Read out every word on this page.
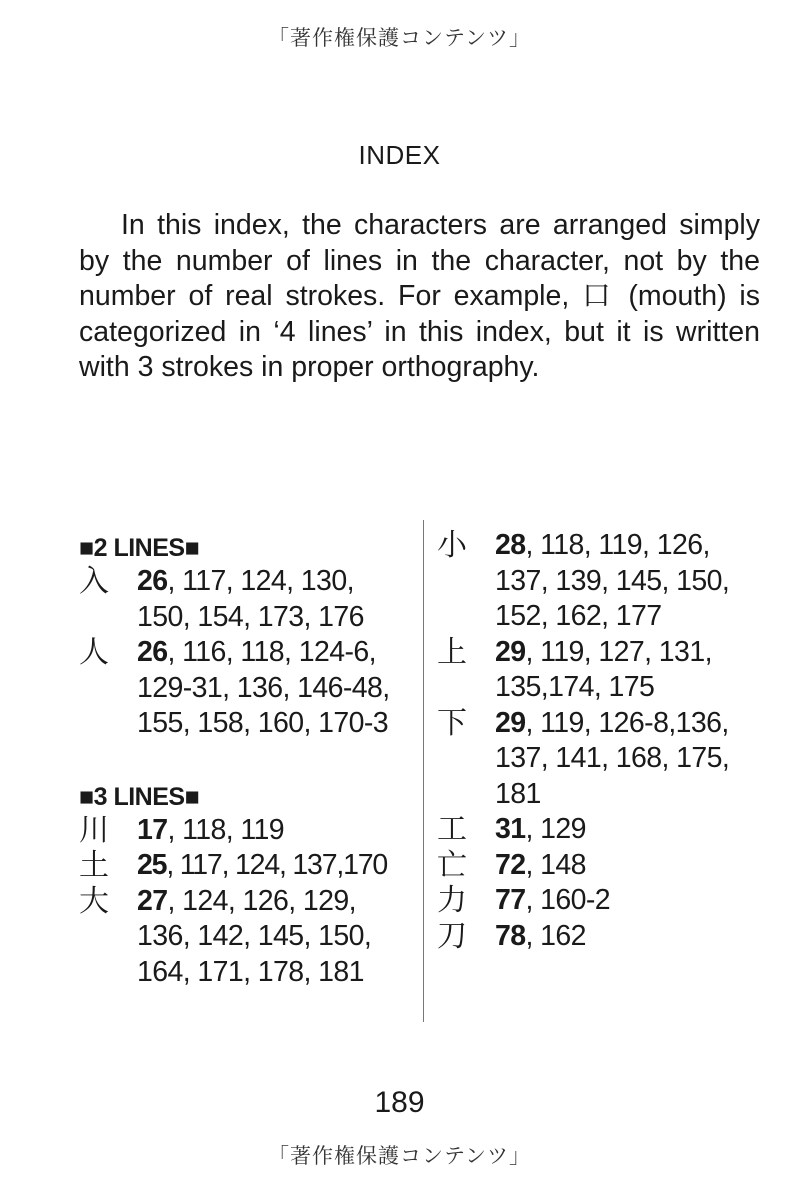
「著作権保護コンテンツ」
INDEX

In this index, the characters are arranged simply by the number of lines in the character, not by the number of real strokes. For example, 口 (mouth) is categorized in ‘4 lines’ in this index, but it is written with 3 strokes in proper orthography.

■2 LINES■
入 26, 117, 124, 130, 150, 154, 173, 176
人 26, 116, 118, 124-6, 129-31, 136, 146-48, 155, 158, 160, 170-3
■3 LINES■
川 17, 118, 119
土 25, 117, 124, 137,170
大 27, 124, 126, 129, 136, 142, 145, 150, 164, 171, 178, 181
小 28, 118, 119, 126, 137, 139, 145, 150, 152, 162, 177
上 29, 119, 127, 131, 135,174, 175
下 29, 119, 126-8,136, 137, 141, 168, 175, 181
工 31, 129
亡 72, 148
力 77, 160-2
刀 78, 162
189
「著作権保護コンテンツ」
